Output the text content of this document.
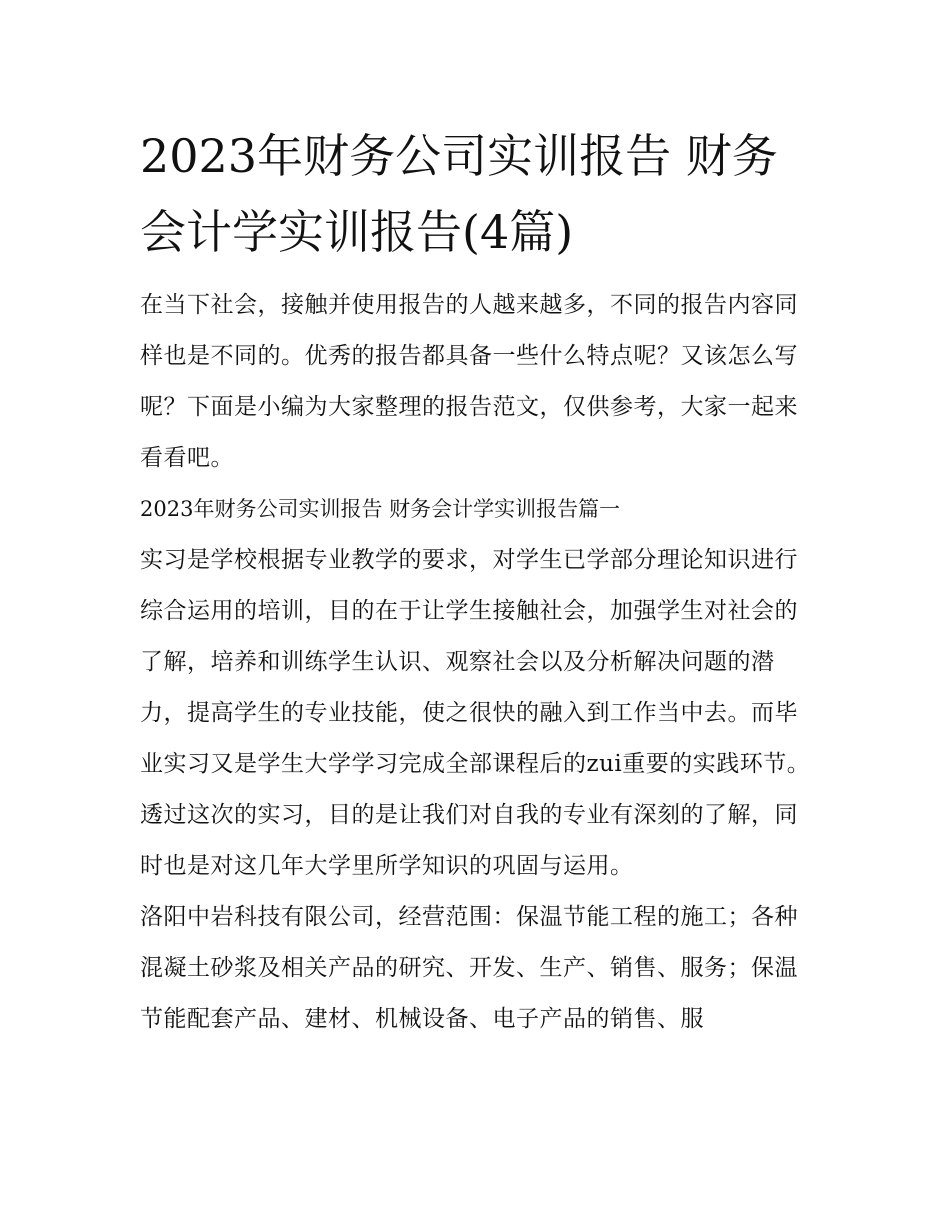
2023年财务公司实训报告 财务会计学实训报告(4篇)

在当下社会，接触并使用报告的人越来越多，不同的报告内容同样也是不同的。优秀的报告都具备一些什么特点呢？又该怎么写呢？下面是小编为大家整理的报告范文，仅供参考，大家一起来看看吧。

2023年财务公司实训报告 财务会计学实训报告篇一

实习是学校根据专业教学的要求，对学生已学部分理论知识进行综合运用的培训，目的在于让学生接触社会，加强学生对社会的了解，培养和训练学生认识、观察社会以及分析解决问题的潜力，提高学生的专业技能，使之很快的融入到工作当中去。而毕业实习又是学生大学学习完成全部课程后的zui重要的实践环节。透过这次的实习，目的是让我们对自我的专业有深刻的了解，同时也是对这几年大学里所学知识的巩固与运用。

洛阳中岩科技有限公司，经营范围：保温节能工程的施工；各种混凝土砂浆及相关产品的研究、开发、生产、销售、服务；保温节能配套产品、建材、机械设备、电子产品的销售、服
